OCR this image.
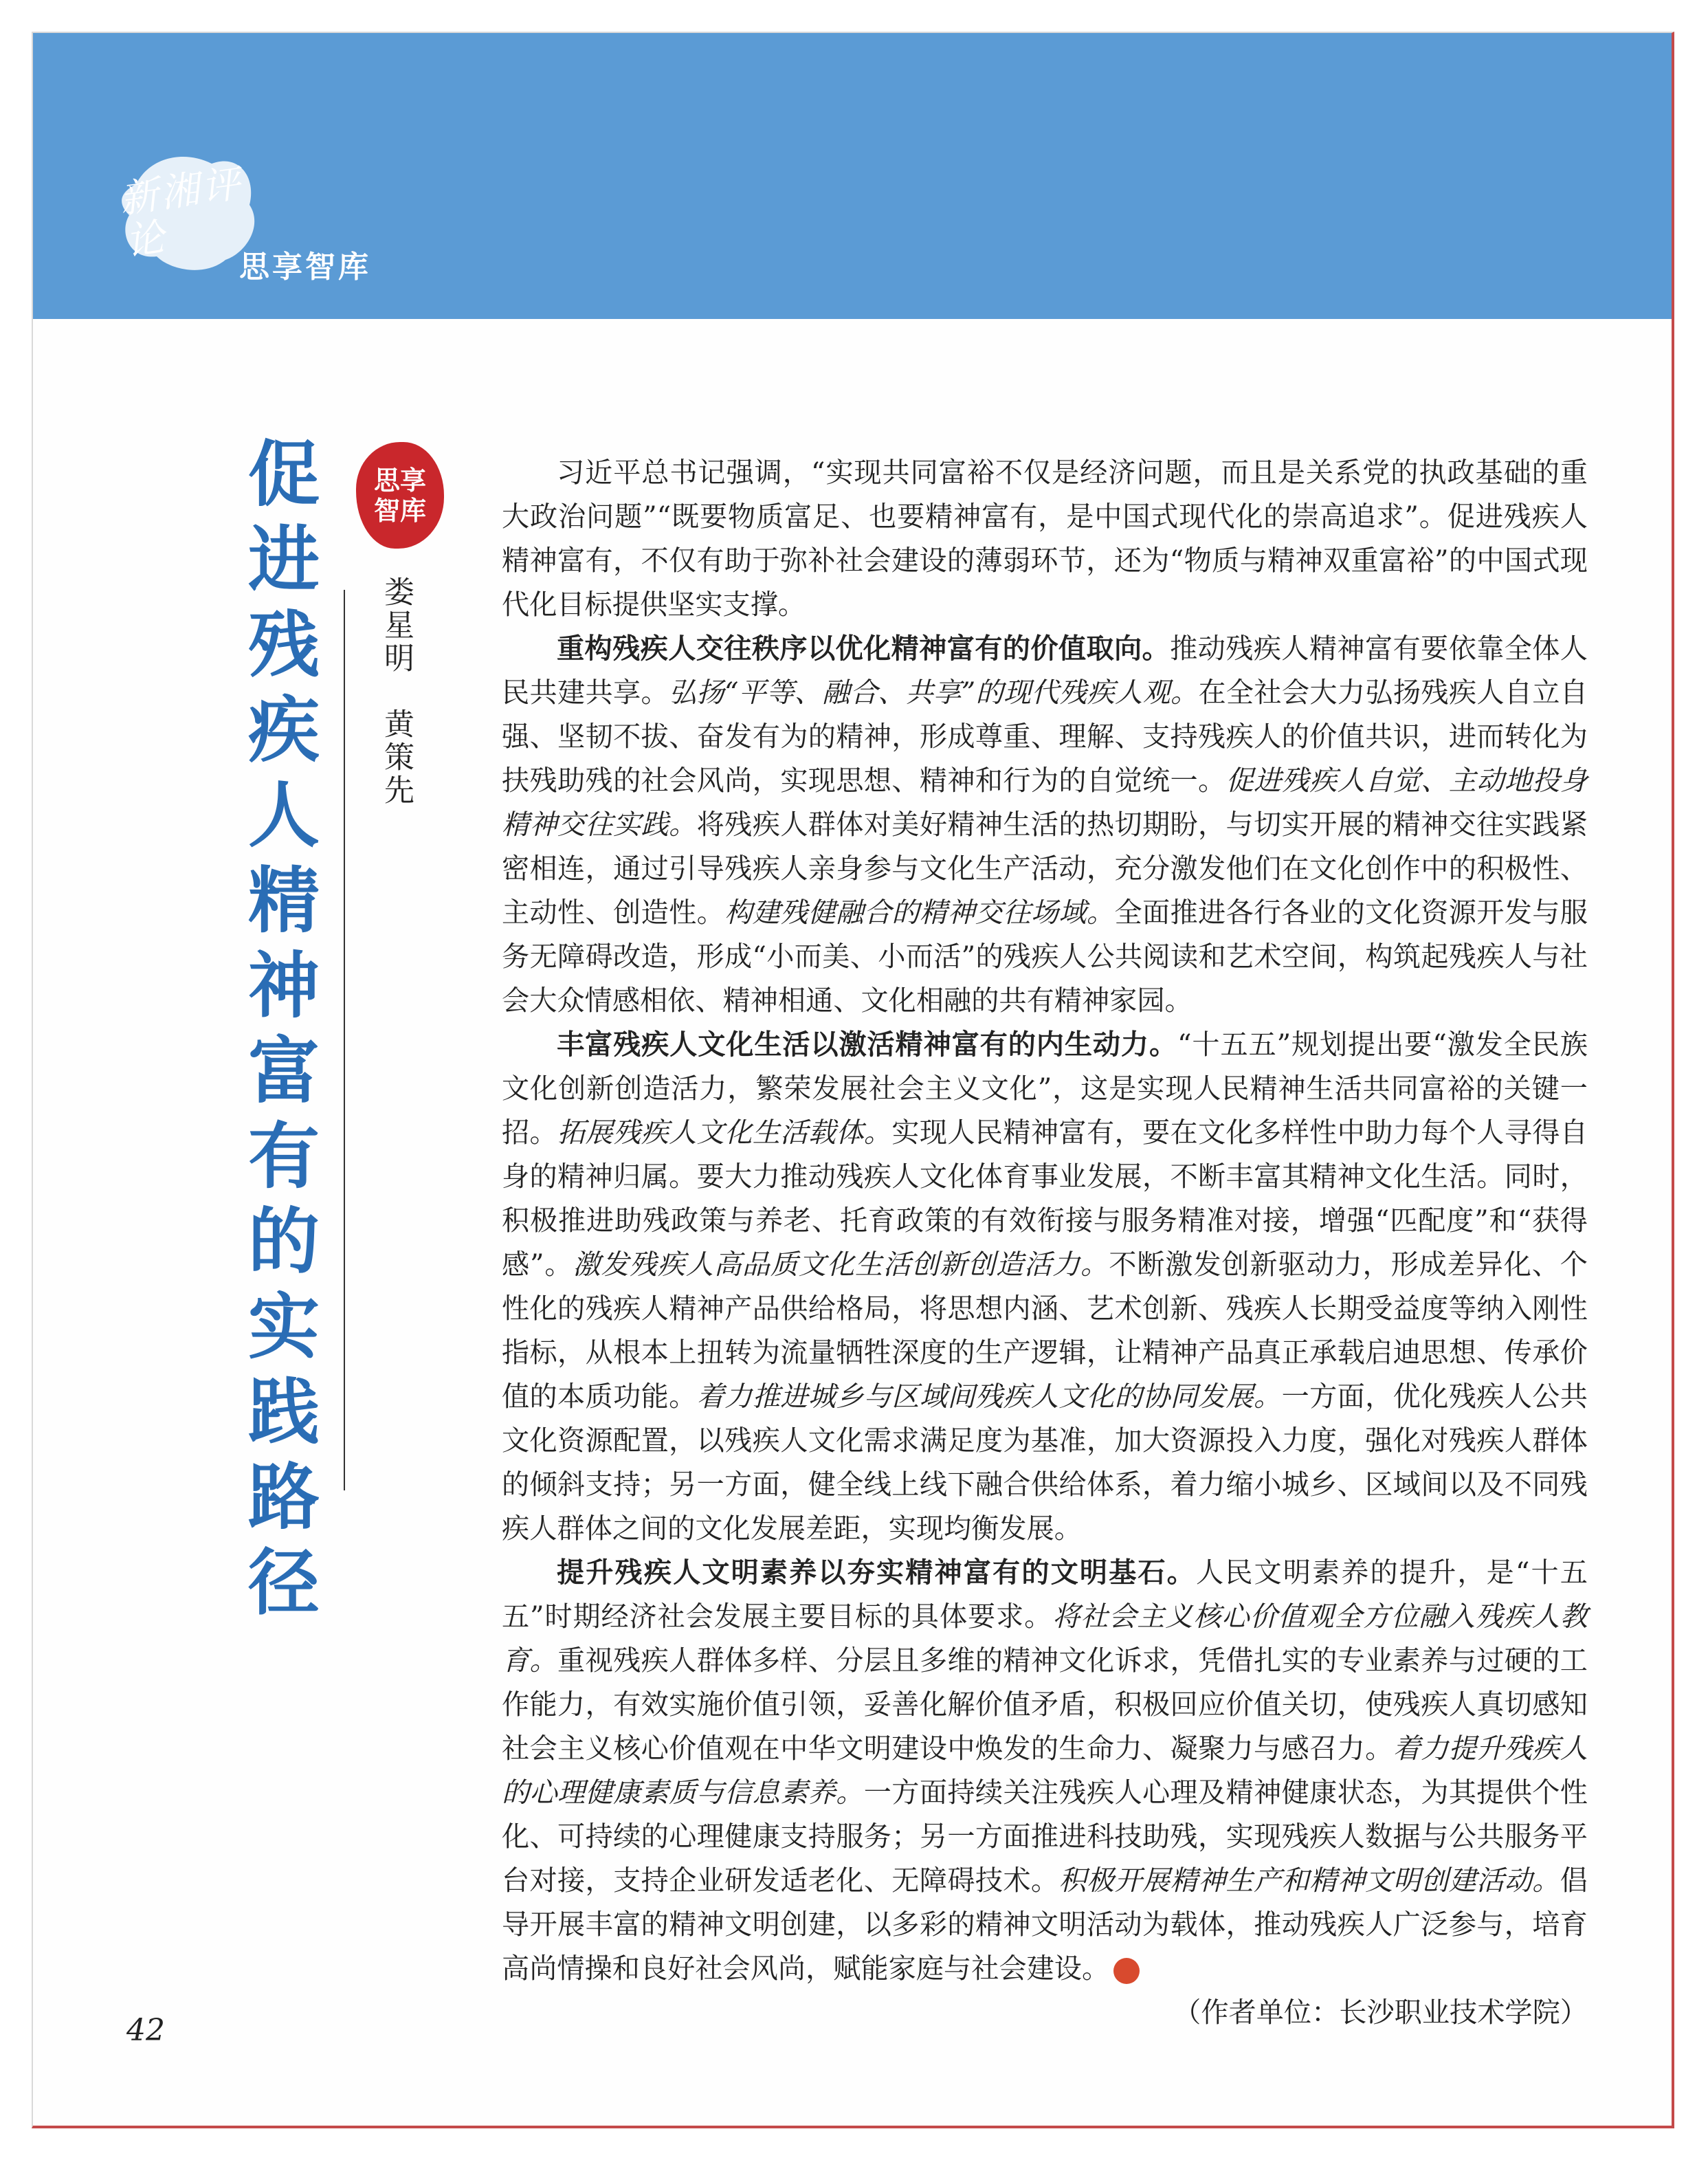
新湘评论
思享智库
促进残疾人精神富有的实践路径
思享智库
娄星明　黄策先

习近平总书记强调，“实现共同富裕不仅是经济问题，而且是关系党的执政基础的重大政治问题”“既要物质富足、也要精神富有，是中国式现代化的崇高追求”。促进残疾人精神富有，不仅有助于弥补社会建设的薄弱环节，还为“物质与精神双重富裕”的中国式现代化目标提供坚实支撑。

重构残疾人交往秩序以优化精神富有的价值取向。推动残疾人精神富有要依靠全体人民共建共享。弘扬“平等、融合、共享”的现代残疾人观。在全社会大力弘扬残疾人自立自强、坚韧不拔、奋发有为的精神，形成尊重、理解、支持残疾人的价值共识，进而转化为扶残助残的社会风尚，实现思想、精神和行为的自觉统一。促进残疾人自觉、主动地投身精神交往实践。将残疾人群体对美好精神生活的热切期盼，与切实开展的精神交往实践紧密相连，通过引导残疾人亲身参与文化生产活动，充分激发他们在文化创作中的积极性、主动性、创造性。构建残健融合的精神交往场域。全面推进各行各业的文化资源开发与服务无障碍改造，形成“小而美、小而活”的残疾人公共阅读和艺术空间，构筑起残疾人与社会大众情感相依、精神相通、文化相融的共有精神家园。

丰富残疾人文化生活以激活精神富有的内生动力。“十五五”规划提出要“激发全民族文化创新创造活力，繁荣发展社会主义文化”，这是实现人民精神生活共同富裕的关键一招。拓展残疾人文化生活载体。实现人民精神富有，要在文化多样性中助力每个人寻得自身的精神归属。要大力推动残疾人文化体育事业发展，不断丰富其精神文化生活。同时，积极推进助残政策与养老、托育政策的有效衔接与服务精准对接，增强“匹配度”和“获得感”。激发残疾人高品质文化生活创新创造活力。不断激发创新驱动力，形成差异化、个性化的残疾人精神产品供给格局，将思想内涵、艺术创新、残疾人长期受益度等纳入刚性指标，从根本上扭转为流量牺牲深度的生产逻辑，让精神产品真正承载启迪思想、传承价值的本质功能。着力推进城乡与区域间残疾人文化的协同发展。一方面，优化残疾人公共文化资源配置，以残疾人文化需求满足度为基准，加大资源投入力度，强化对残疾人群体的倾斜支持；另一方面，健全线上线下融合供给体系，着力缩小城乡、区域间以及不同残疾人群体之间的文化发展差距，实现均衡发展。

提升残疾人文明素养以夯实精神富有的文明基石。人民文明素养的提升，是“十五五”时期经济社会发展主要目标的具体要求。将社会主义核心价值观全方位融入残疾人教育。重视残疾人群体多样、分层且多维的精神文化诉求，凭借扎实的专业素养与过硬的工作能力，有效实施价值引领，妥善化解价值矛盾，积极回应价值关切，使残疾人真切感知社会主义核心价值观在中华文明建设中焕发的生命力、凝聚力与感召力。着力提升残疾人的心理健康素质与信息素养。一方面持续关注残疾人心理及精神健康状态，为其提供个性化、可持续的心理健康支持服务；另一方面推进科技助残，实现残疾人数据与公共服务平台对接，支持企业研发适老化、无障碍技术。积极开展精神生产和精神文明创建活动。倡导开展丰富的精神文明创建，以多彩的精神文明活动为载体，推动残疾人广泛参与，培育高尚情操和良好社会风尚，赋能家庭与社会建设。
（作者单位：长沙职业技术学院）

42
